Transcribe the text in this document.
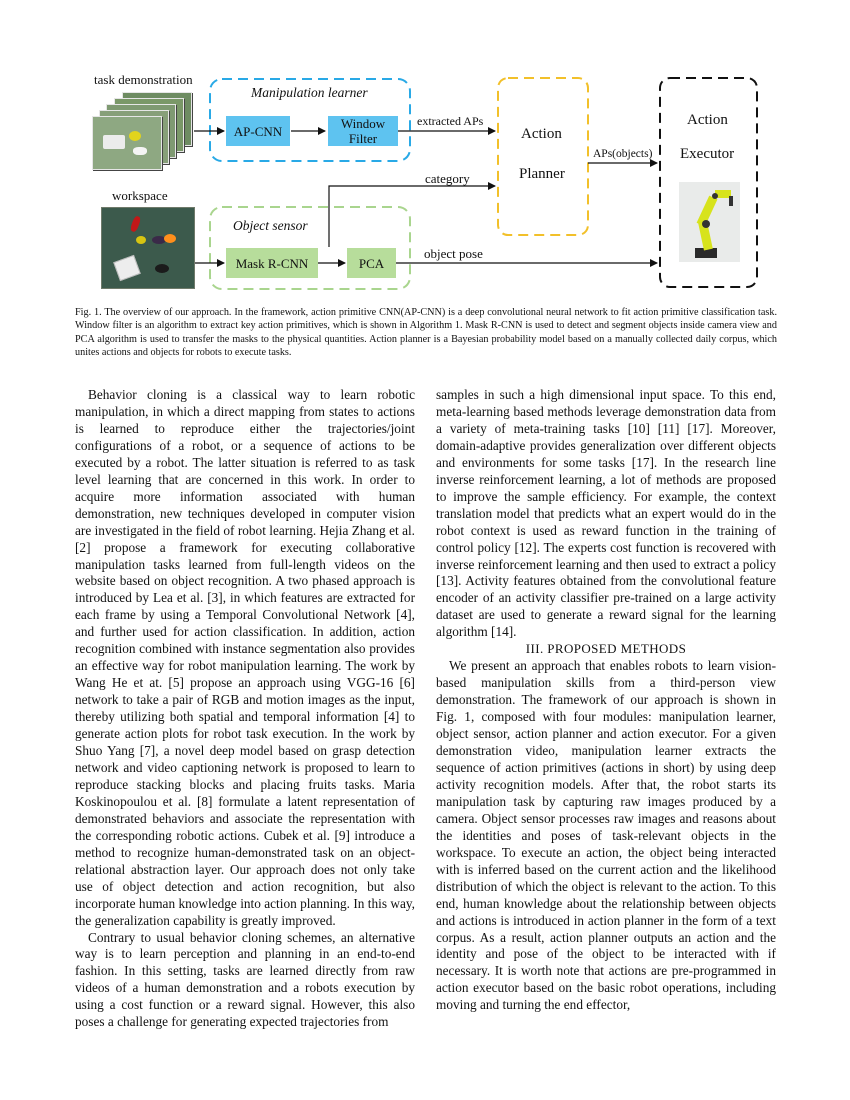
task demonstration
workspace
Manipulation learner
AP-CNN	Window Filter
Object sensor
Mask R-CNN	PCA
extracted APs
category
object pose
APs(objects)
Action
Planner
Action
Executor
Fig. 1. The overview of our approach. In the framework, action primitive CNN(AP-CNN) is a deep convolutional neural network to fit action primitive classification task. Window filter is an algorithm to extract key action primitives, which is shown in Algorithm 1. Mask R-CNN is used to detect and segment objects inside camera view and PCA algorithm is used to transfer the masks to the physical quantities. Action planner is a Bayesian probability model based on a manually collected daily corpus, which unites actions and objects for robots to execute tasks.

Behavior cloning is a classical way to learn robotic manipulation, in which a direct mapping from states to actions is learned to reproduce either the trajectories/joint configurations of a robot, or a sequence of actions to be executed by a robot. The latter situation is referred to as task level learning that are concerned in this work. In order to acquire more information associated with human demonstration, new techniques developed in computer vision are investigated in the field of robot learning. Hejia Zhang et al. [2] propose a framework for executing collaborative manipulation tasks learned from full-length videos on the website based on object recognition. A two phased approach is introduced by Lea et al. [3], in which features are extracted for each frame by using a Temporal Convolutional Network [4], and further used for action classification. In addition, action recognition combined with instance segmentation also provides an effective way for robot manipulation learning. The work by Wang He et at. [5] propose an approach using VGG-16 [6] network to take a pair of RGB and motion images as the input, thereby utilizing both spatial and temporal information [4] to generate action plots for robot task execution. In the work by Shuo Yang [7], a novel deep model based on grasp detection network and video captioning network is proposed to learn to reproduce stacking blocks and placing fruits tasks. Maria Koskinopoulou et al. [8] formulate a latent representation of demonstrated behaviors and associate the representation with the corresponding robotic actions. Cubek et al. [9] introduce a method to recognize human-demonstrated task on an object-relational abstraction layer. Our approach does not only take use of object detection and action recognition, but also incorporate human knowledge into action planning. In this way, the generalization capability is greatly improved.

Contrary to usual behavior cloning schemes, an alternative way is to learn perception and planning in an end-to-end fashion. In this setting, tasks are learned directly from raw videos of a human demonstration and a robots execution by using a cost function or a reward signal. However, this also poses a challenge for generating expected trajectories from

samples in such a high dimensional input space. To this end, meta-learning based methods leverage demonstration data from a variety of meta-training tasks [10] [11] [17]. Moreover, domain-adaptive provides generalization over different objects and environments for some tasks [17]. In the research line inverse reinforcement learning, a lot of methods are proposed to improve the sample efficiency. For example, the context translation model that predicts what an expert would do in the robot context is used as reward function in the training of control policy [12]. The experts cost function is recovered with inverse reinforcement learning and then used to extract a policy [13]. Activity features obtained from the convolutional feature encoder of an activity classifier pre-trained on a large activity dataset are used to generate a reward signal for the learning algorithm [14].

III. PROPOSED METHODS

We present an approach that enables robots to learn vision-based manipulation skills from a third-person view demonstration. The framework of our approach is shown in Fig. 1, composed with four modules: manipulation learner, object sensor, action planner and action executor. For a given demonstration video, manipulation learner extracts the sequence of action primitives (actions in short) by using deep activity recognition models. After that, the robot starts its manipulation task by capturing raw images produced by a camera. Object sensor processes raw images and reasons about the identities and poses of task-relevant objects in the workspace. To execute an action, the object being interacted with is inferred based on the current action and the likelihood distribution of which the object is relevant to the action. To this end, human knowledge about the relationship between objects and actions is introduced in action planner in the form of a text corpus. As a result, action planner outputs an action and the identity and pose of the object to be interacted with if necessary. It is worth note that actions are pre-programmed in action executor based on the basic robot operations, including moving and turning the end effector,
